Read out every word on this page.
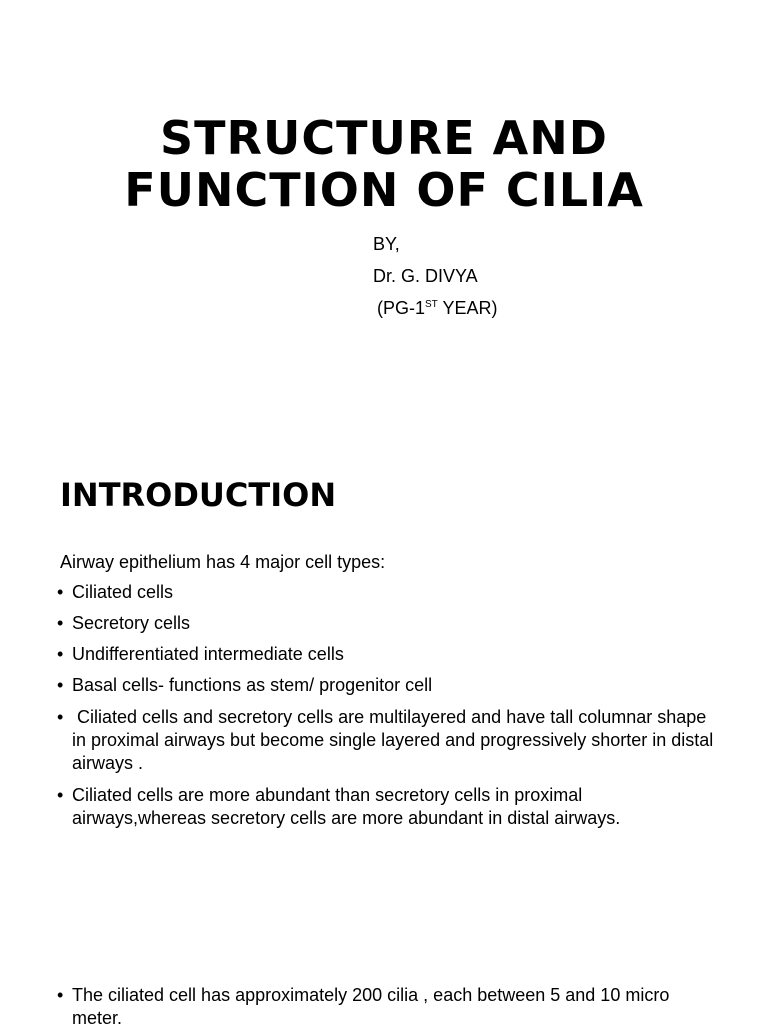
STRUCTURE AND
FUNCTION OF CILIA
BY,
Dr. G. DIVYA
(PG-1ST YEAR)
INTRODUCTION
Airway epithelium has 4 major cell types:
• Ciliated cells
• Secretory cells
• Undifferentiated intermediate cells
• Basal cells- functions as stem/ progenitor cell
• Ciliated cells and secretory cells are multilayered and have tall columnar shape in proximal airways but become single layered and progressively shorter in distal airways .
• Ciliated cells are more abundant than secretory cells in proximal airways,whereas secretory cells are more abundant in distal airways.
• The ciliated cell has approximately 200 cilia , each between 5 and 10 micro meter.
